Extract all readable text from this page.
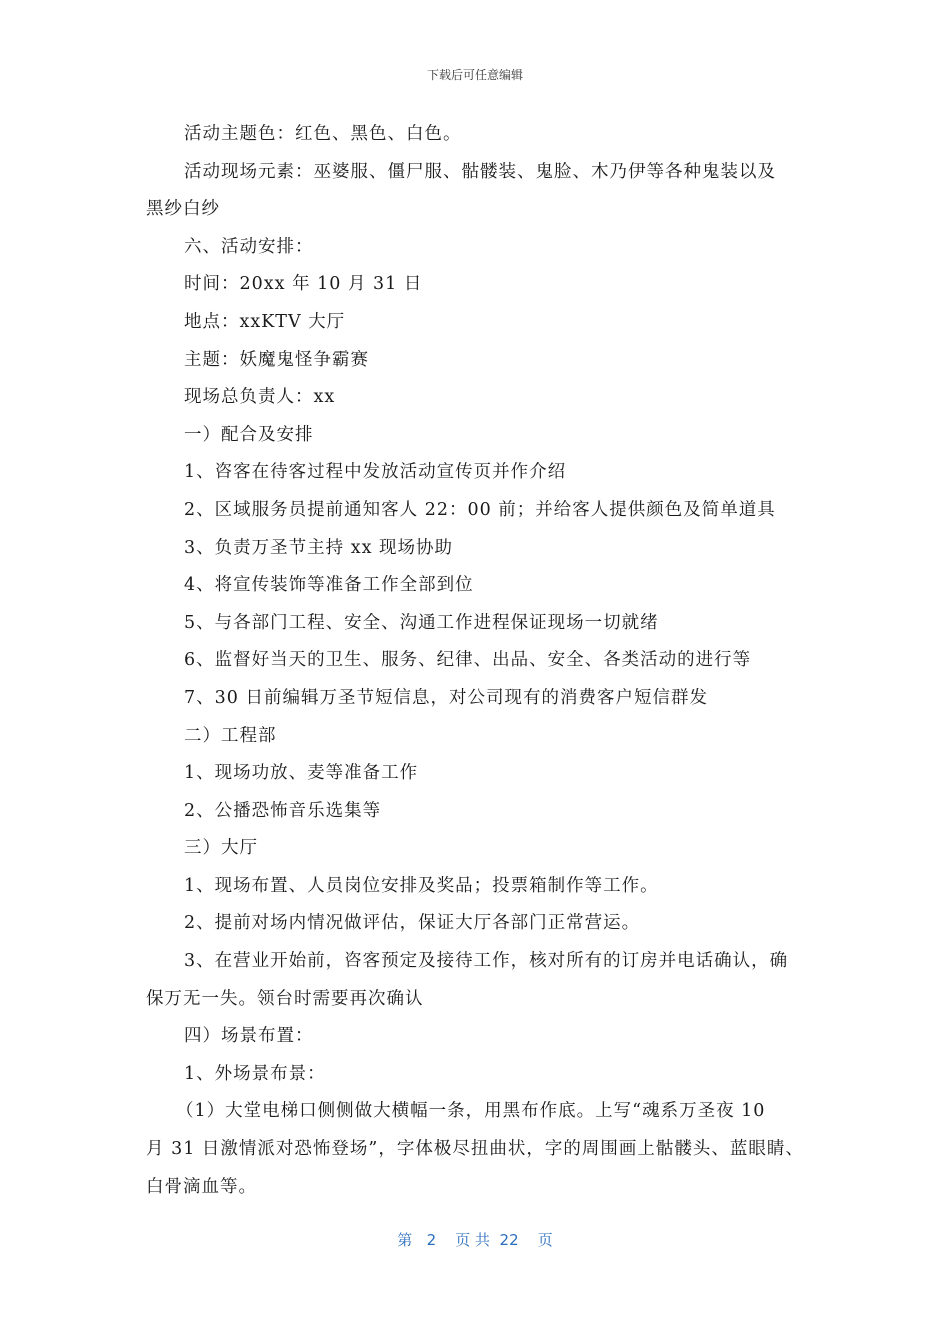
下载后可任意编辑

活动主题色：红色、黑色、白色。

活动现场元素：巫婆服、僵尸服、骷髅装、鬼脸、木乃伊等各种鬼装以及

黑纱白纱

六、活动安排：

时间：20xx 年 10 月 31 日

地点：xxKTV 大厅

主题：妖魔鬼怪争霸赛

现场总负责人：xx

一）配合及安排

1、咨客在待客过程中发放活动宣传页并作介绍

2、区域服务员提前通知客人 22：00 前；并给客人提供颜色及简单道具

3、负责万圣节主持 xx 现场协助

4、将宣传装饰等准备工作全部到位

5、与各部门工程、安全、沟通工作进程保证现场一切就绪

6、监督好当天的卫生、服务、纪律、出品、安全、各类活动的进行等

7、30 日前编辑万圣节短信息，对公司现有的消费客户短信群发

二）工程部

1、现场功放、麦等准备工作

2、公播恐怖音乐选集等

三）大厅

1、现场布置、人员岗位安排及奖品；投票箱制作等工作。

2、提前对场内情况做评估，保证大厅各部门正常营运。

3、在营业开始前，咨客预定及接待工作，核对所有的订房并电话确认，确

保万无一失。领台时需要再次确认

四）场景布置：

1、外场景布景：

（1）大堂电梯口侧侧做大横幅一条，用黑布作底。上写“魂系万圣夜 10

月 31 日激情派对恐怖登场”，字体极尽扭曲状，字的周围画上骷髅头、蓝眼睛、

白骨滴血等。

第 2 页 共 22 页
